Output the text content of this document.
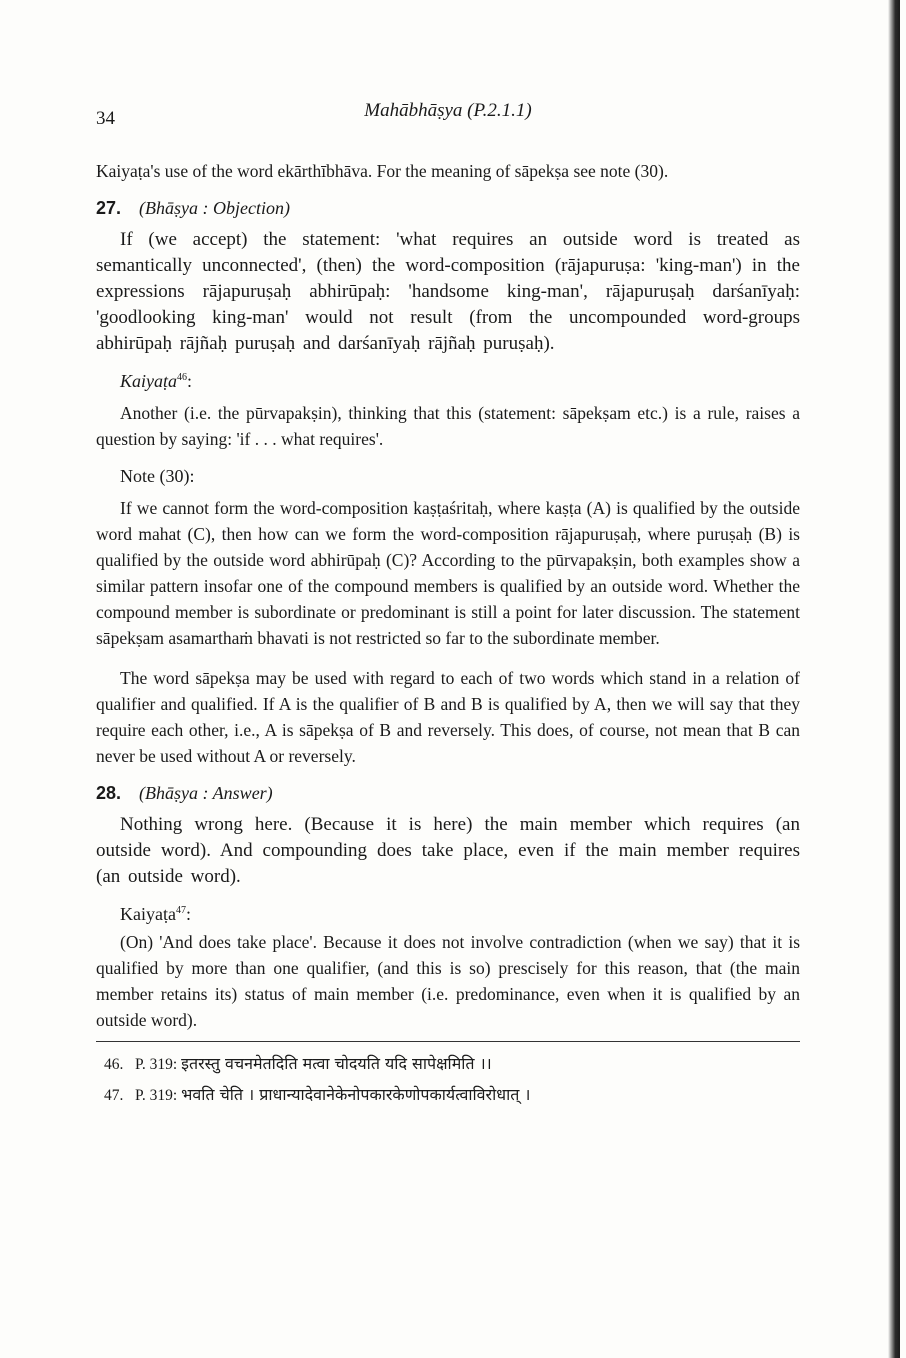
34	Mahābhāṣya (P.2.1.1)

Kaiyaṭa's use of the word ekārthībhāva. For the meaning of sāpekṣa see note (30).

27. (Bhāṣya : Objection)

If (we accept) the statement: 'what requires an outside word is treated as semantically unconnected', (then) the word-composition (rājapuruṣa: 'king-man') in the expressions rājapuruṣaḥ abhirūpaḥ: 'handsome king-man', rājapuruṣaḥ darśanīyaḥ: 'goodlooking king-man' would not result (from the uncompounded word-groups abhirūpaḥ rājñaḥ puruṣaḥ and darśanīyaḥ rājñaḥ puruṣaḥ).

Kaiyaṭa$^{46}$:

Another (i.e. the pūrvapakṣin), thinking that this (statement: sāpekṣam etc.) is a rule, raises a question by saying: 'if . . . what requires'.

Note (30):

If we cannot form the word-composition kaṣṭaśritaḥ, where kaṣṭa (A) is qualified by the outside word mahat (C), then how can we form the word-composition rājapuruṣaḥ, where puruṣaḥ (B) is qualified by the outside word abhirūpaḥ (C)? According to the pūrvapakṣin, both examples show a similar pattern insofar one of the compound members is qualified by an outside word. Whether the compound member is subordinate or predominant is still a point for later discussion. The statement sāpekṣam asamarthaṁ bhavati is not restricted so far to the subordinate member.

The word sāpekṣa may be used with regard to each of two words which stand in a relation of qualifier and qualified. If A is the qualifier of B and B is qualified by A, then we will say that they require each other, i.e., A is sāpekṣa of B and reversely. This does, of course, not mean that B can never be used without A or reversely.

28. (Bhāṣya : Answer)

Nothing wrong here. (Because it is here) the main member which requires (an outside word). And compounding does take place, even if the main member requires (an outside word).

Kaiyaṭa$^{47}$:

(On) 'And does take place'. Because it does not involve contradiction (when we say) that it is qualified by more than one qualifier, (and this is so) prescisely for this reason, that (the main member retains its) status of main member (i.e. predominance, even when it is qualified by an outside word).

46. P. 319: इतरस्तु वचनमेतदिति मत्वा चोदयति यदि सापेक्षमिति ।।
47. P. 319: भवति चेति । प्राधान्यादेवानेकेनोपकारकेणोपकार्यत्वाविरोधात् ।
